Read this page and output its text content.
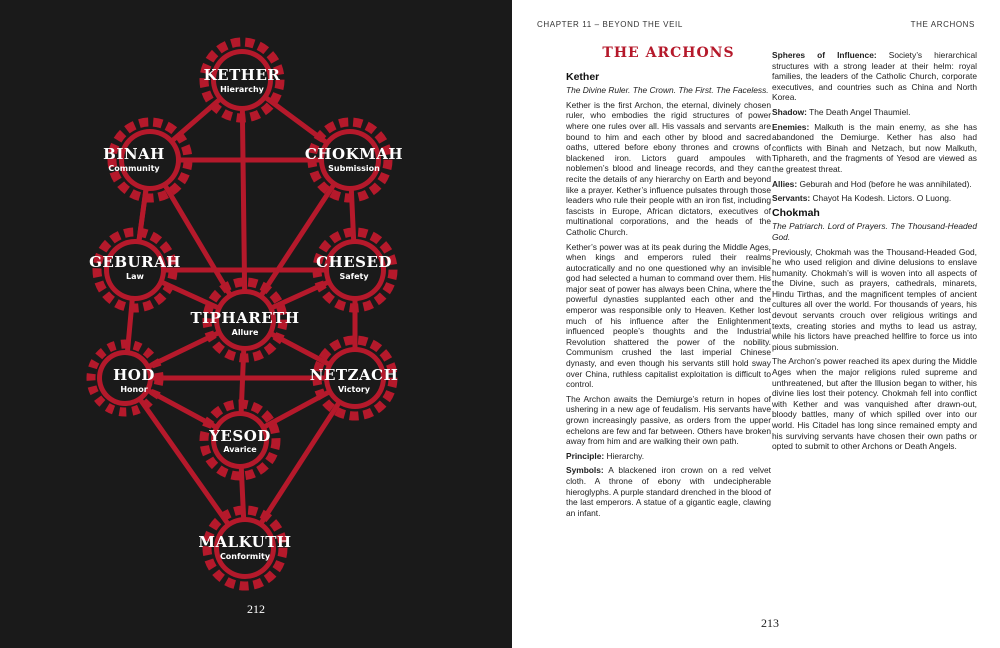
KETHER
Hierarchy
BINAH
Community
CHOKMAH
Submission
GEBURAH
Law
CHESED
Safety
TIPHARETH
Allure
HOD
Honor
NETZACH
Victory
YESOD
Avarice
MALKUTH
Conformity
212
CHAPTER 11 – BEYOND THE VEIL	THE ARCHONS
THE ARCHONS
Kether

The Divine Ruler. The Crown. The First. The Faceless.

Kether is the first Archon, the eternal, divinely chosen ruler, who embodies the rigid structures of power where one rules over all. His vassals and servants are bound to him and each other by blood and sacred oaths, uttered before ebony thrones and crowns of blackened iron. Lictors guard ampoules with noblemen’s blood and lineage records, and they can recite the details of any hierarchy on Earth and beyond like a prayer. Kether’s influence pulsates through those leaders who rule their people with an iron fist, including fascists in Europe, African dictators, executives of multinational corporations, and the heads of the Catholic Church.

Kether’s power was at its peak during the Middle Ages, when kings and emperors ruled their realms autocratically and no one questioned why an invisible god had selected a human to command over them. His major seat of power has always been China, where the powerful dynasties supplanted each other and the emperor was responsible only to Heaven. Kether lost much of his influence after the Enlightenment influenced people’s thoughts and the Industrial Revolution shattered the power of the nobility. Communism crushed the last imperial Chinese dynasty, and even though his servants still hold sway over China, ruthless capitalist exploitation is difficult to control.

The Archon awaits the Demiurge’s return in hopes of ushering in a new age of feudalism. His servants have grown increasingly passive, as orders from the upper echelons are few and far between. Others have broken away from him and are walking their own path.

Principle: Hierarchy.

Symbols: A blackened iron crown on a red velvet cloth. A throne of ebony with undecipherable hieroglyphs. A purple standard drenched in the blood of the last emperors. A statue of a gigantic eagle, clawing an infant.

Spheres of Influence: Society’s hierarchical structures with a strong leader at their helm: royal families, the leaders of the Catholic Church, corporate executives, and countries such as China and North Korea.

Shadow: The Death Angel Thaumiel.

Enemies: Malkuth is the main enemy, as she has abandoned the Demiurge. Kether has also had conflicts with Binah and Netzach, but now Malkuth, Tiphareth, and the fragments of Yesod are viewed as the greatest threat.

Allies: Geburah and Hod (before he was annihilated).

Servants: Chayot Ha Kodesh. Lictors. O Luong.

Chokmah

The Patriarch. Lord of Prayers. The Thousand-Headed God.

Previously, Chokmah was the Thousand-Headed God, he who used religion and divine delusions to enslave humanity. Chokmah’s will is woven into all aspects of the Divine, such as prayers, cathedrals, minarets, Hindu Tirthas, and the magnificent temples of ancient cultures all over the world. For thousands of years, his devout servants crouch over religious writings and texts, creating stories and myths to lead us astray, while his lictors have preached hellfire to force us into pious submission.

The Archon’s power reached its apex during the Middle Ages when the major religions ruled supreme and unthreatened, but after the Illusion began to wither, his divine lies lost their potency. Chokmah fell into conflict with Kether and was vanquished after drawn-out, bloody battles, many of which spilled over into our world. His Citadel has long since remained empty and his surviving servants have chosen their own paths or opted to submit to other Archons or Death Angels.

213
